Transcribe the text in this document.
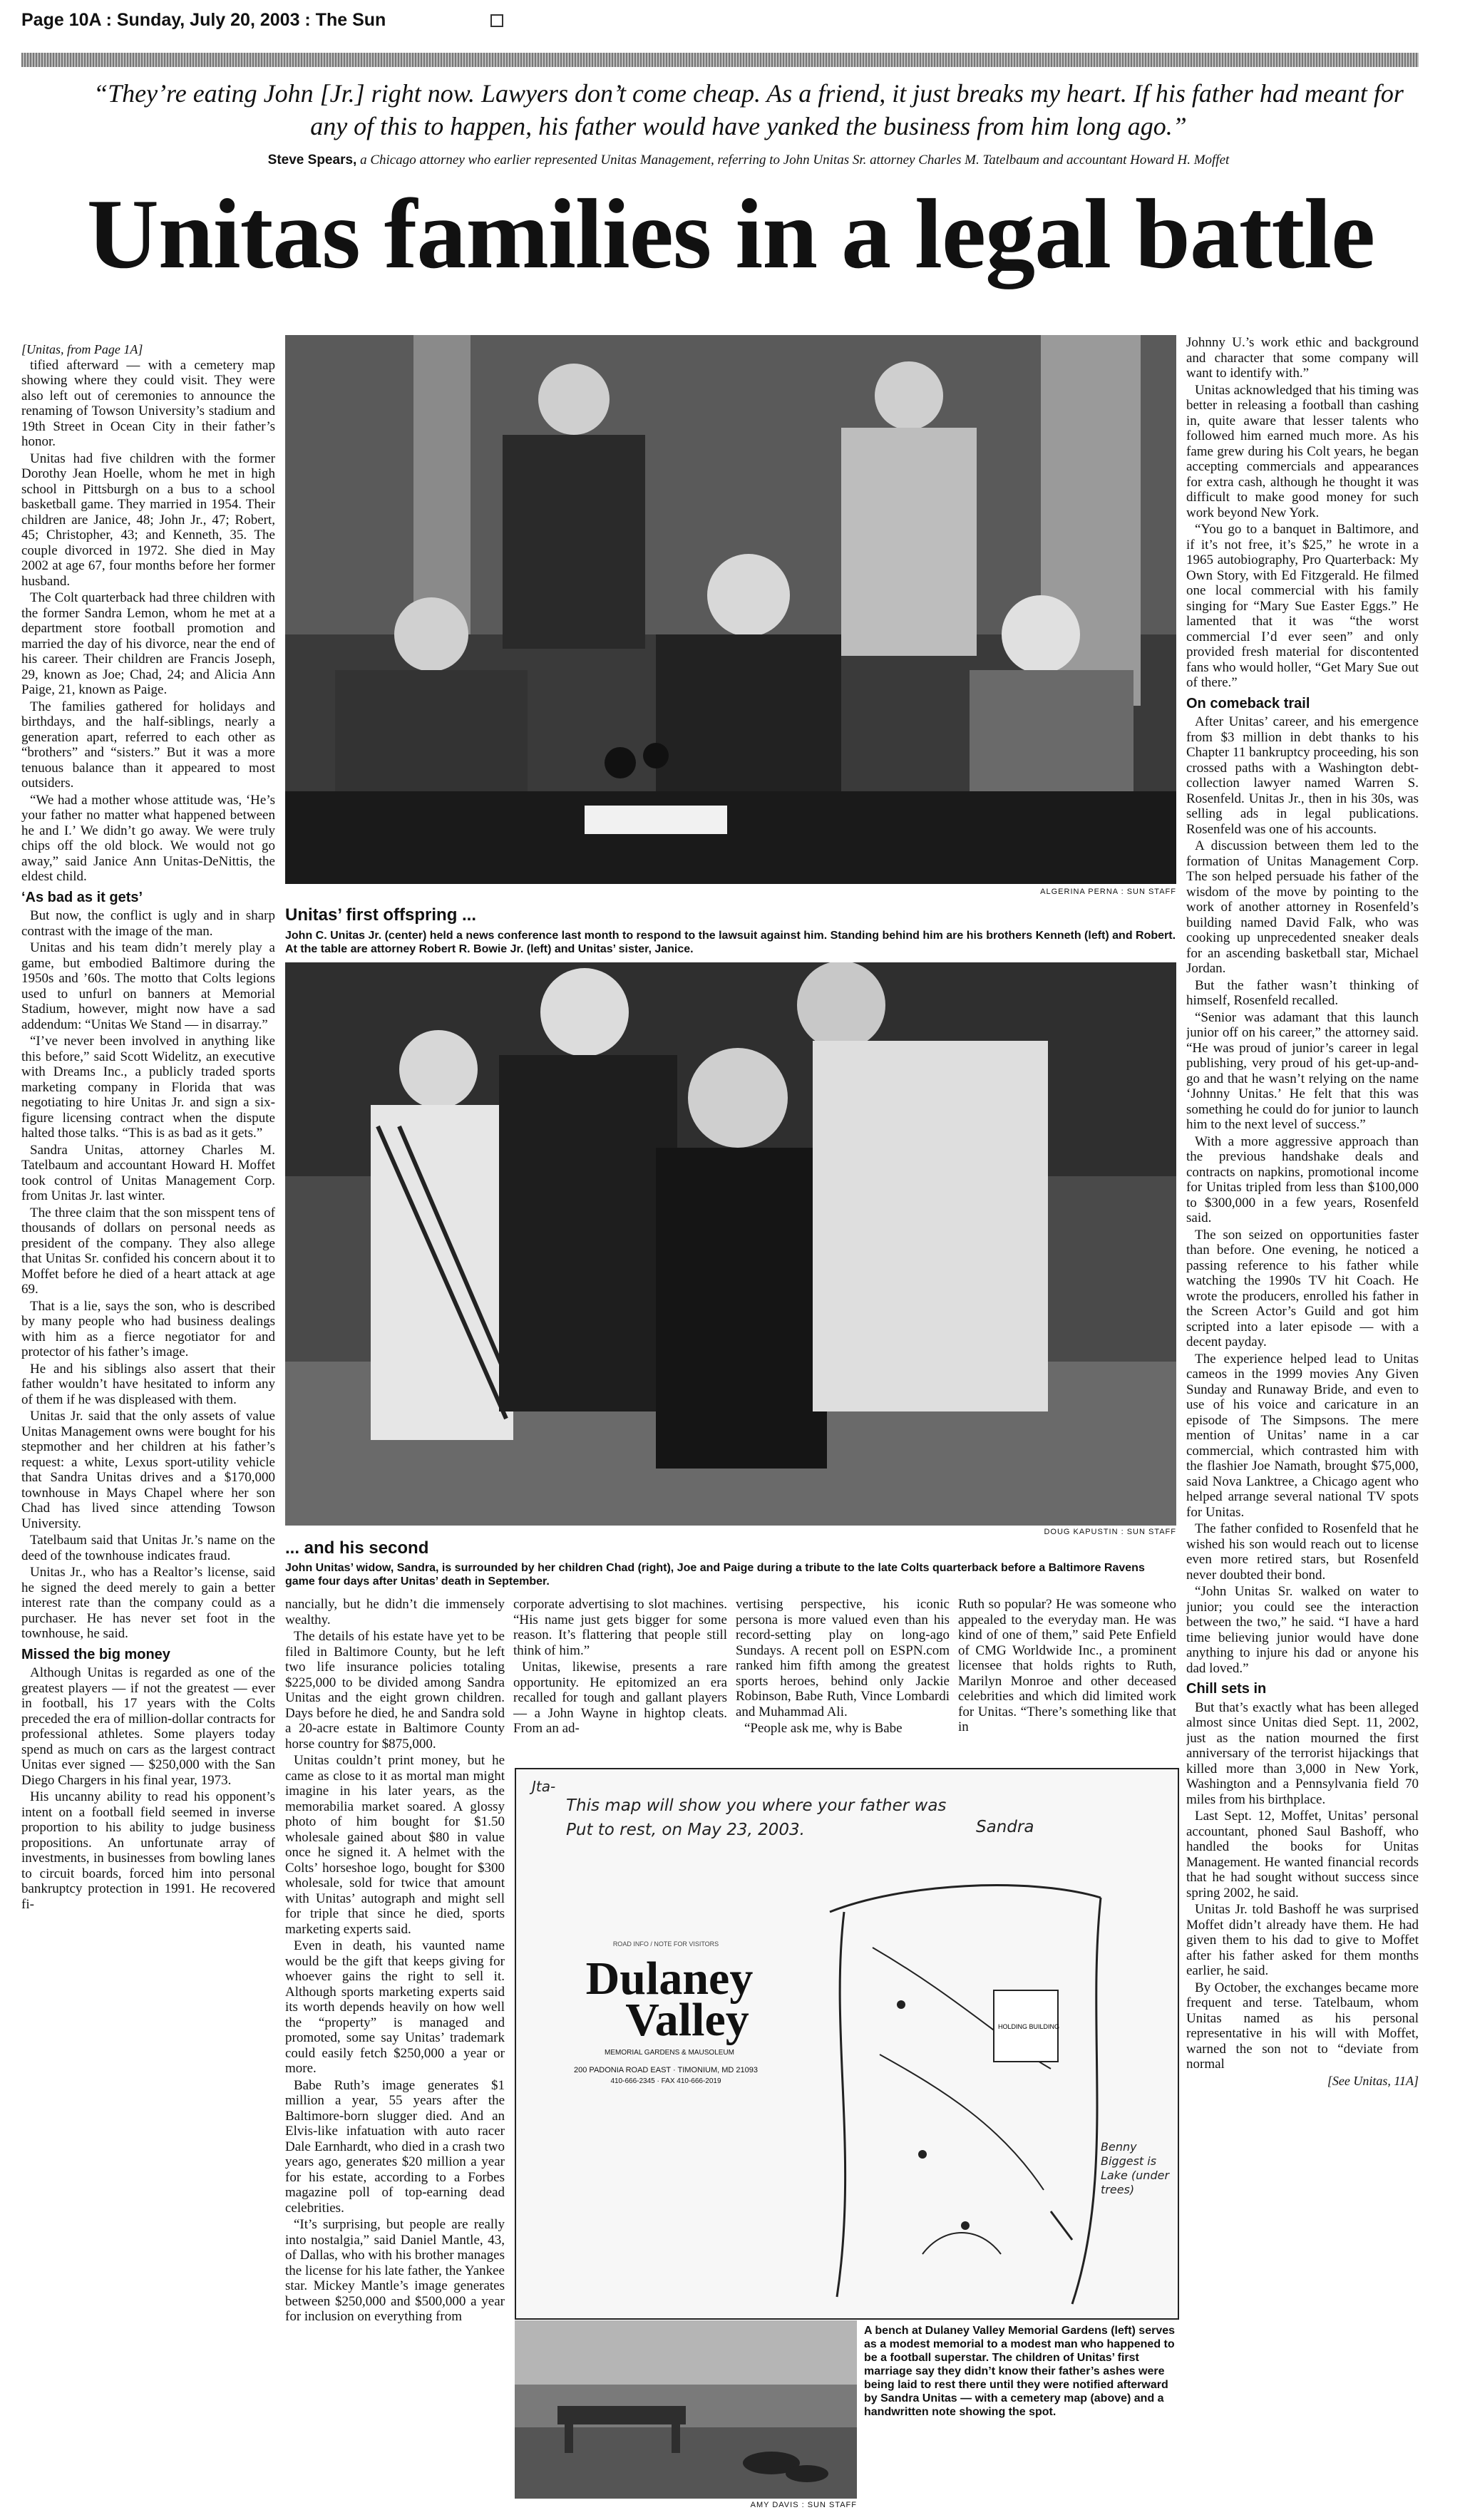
Page 10A : Sunday, July 20, 2003 : The Sun
“They’re eating John [Jr.] right now. Lawyers don’t come cheap. As a friend, it just breaks my heart. If his father had meant for any of this to happen, his father would have yanked the business from him long ago.”
Steve Spears, a Chicago attorney who earlier represented Unitas Management, referring to John Unitas Sr. attorney Charles M. Tatelbaum and accountant Howard H. Moffet
Unitas families in a legal battle
[Unitas, from Page 1A]

tified afterward — with a cemetery map showing where they could visit. They were also left out of ceremonies to announce the renaming of Towson University’s stadium and 19th Street in Ocean City in their father’s honor.

Unitas had five children with the former Dorothy Jean Hoelle, whom he met in high school in Pittsburgh on a bus to a school basketball game. They married in 1954. Their children are Janice, 48; John Jr., 47; Robert, 45; Christopher, 43; and Kenneth, 35. The couple divorced in 1972. She died in May 2002 at age 67, four months before her former husband.

The Colt quarterback had three children with the former Sandra Lemon, whom he met at a department store football promotion and married the day of his divorce, near the end of his career. Their children are Francis Joseph, 29, known as Joe; Chad, 24; and Alicia Ann Paige, 21, known as Paige.

The families gathered for holidays and birthdays, and the half-siblings, nearly a generation apart, referred to each other as “brothers” and “sisters.” But it was a more tenuous balance than it appeared to most outsiders.

“We had a mother whose attitude was, ‘He’s your father no matter what happened between he and I.’ We didn’t go away. We were truly chips off the old block. We would not go away,” said Janice Ann Unitas-DeNittis, the eldest child.

‘As bad as it gets’

But now, the conflict is ugly and in sharp contrast with the image of the man.

Unitas and his team didn’t merely play a game, but embodied Baltimore during the 1950s and ’60s. The motto that Colts legions used to unfurl on banners at Memorial Stadium, however, might now have a sad addendum: “Unitas We Stand — in disarray.”

“I’ve never been involved in anything like this before,” said Scott Widelitz, an executive with Dreams Inc., a publicly traded sports marketing company in Florida that was negotiating to hire Unitas Jr. and sign a six-figure licensing contract when the dispute halted those talks. “This is as bad as it gets.”

Sandra Unitas, attorney Charles M. Tatelbaum and accountant Howard H. Moffet took control of Unitas Management Corp. from Unitas Jr. last winter.

The three claim that the son misspent tens of thousands of dollars on personal needs as president of the company. They also allege that Unitas Sr. confided his concern about it to Moffet before he died of a heart attack at age 69.

That is a lie, says the son, who is described by many people who had business dealings with him as a fierce negotiator for and protector of his father’s image.

He and his siblings also assert that their father wouldn’t have hesitated to inform any of them if he was displeased with them.

Unitas Jr. said that the only assets of value Unitas Management owns were bought for his stepmother and her children at his father’s request: a white, Lexus sport-utility vehicle that Sandra Unitas drives and a $170,000 townhouse in Mays Chapel where her son Chad has lived since attending Towson University.

Tatelbaum said that Unitas Jr.’s name on the deed of the townhouse indicates fraud.

Unitas Jr., who has a Realtor’s license, said he signed the deed merely to gain a better interest rate than the company could as a purchaser. He has never set foot in the townhouse, he said.

Missed the big money

Although Unitas is regarded as one of the greatest players — if not the greatest — ever in football, his 17 years with the Colts preceded the era of million-dollar contracts for professional athletes. Some players today spend as much on cars as the largest contract Unitas ever signed — $250,000 with the San Diego Chargers in his final year, 1973.

His uncanny ability to read his opponent’s intent on a football field seemed in inverse proportion to his ability to judge business propositions. An unfortunate array of investments, in businesses from bowling lanes to circuit boards, forced him into personal bankruptcy protection in 1991. He recovered fi-

ALGERINA PERNA : SUN STAFF
Unitas’ first offspring ...
John C. Unitas Jr. (center) held a news conference last month to respond to the lawsuit against him. Standing behind him are his brothers Kenneth (left) and Robert. At the table are attorney Robert R. Bowie Jr. (left) and Unitas’ sister, Janice.
DOUG KAPUSTIN : SUN STAFF
... and his second
John Unitas’ widow, Sandra, is surrounded by her children Chad (right), Joe and Paige during a tribute to the late Colts quarterback before a Baltimore Ravens game four days after Unitas’ death in September.

nancially, but he didn’t die immensely wealthy.

The details of his estate have yet to be filed in Baltimore County, but he left two life insurance policies totaling $225,000 to be divided among Sandra Unitas and the eight grown children. Days before he died, he and Sandra sold a 20-acre estate in Baltimore County horse country for $875,000.

Unitas couldn’t print money, but he came as close to it as mortal man might imagine in his later years, as the memorabilia market soared. A glossy photo of him bought for $1.50 wholesale gained about $80 in value once he signed it. A helmet with the Colts’ horseshoe logo, bought for $300 wholesale, sold for twice that amount with Unitas’ autograph and might sell for triple that since he died, sports marketing experts said.

Even in death, his vaunted name would be the gift that keeps giving for whoever gains the right to sell it. Although sports marketing experts said its worth depends heavily on how well the “property” is managed and promoted, some say Unitas’ trademark could easily fetch $250,000 a year or more.

Babe Ruth’s image generates $1 million a year, 55 years after the Baltimore-born slugger died. And an Elvis-like infatuation with auto racer Dale Earnhardt, who died in a crash two years ago, generates $20 million a year for his estate, according to a Forbes magazine poll of top-earning dead celebrities.

“It’s surprising, but people are really into nostalgia,” said Daniel Mantle, 43, of Dallas, who with his brother manages the license for his late father, the Yankee star. Mickey Mantle’s image generates between $250,000 and $500,000 a year for inclusion on everything from

corporate advertising to slot machines. “His name just gets bigger for some reason. It’s flattering that people still think of him.”

Unitas, likewise, presents a rare opportunity. He epitomized an era recalled for tough and gallant players — a John Wayne in hightop cleats. From an ad-

vertising perspective, his iconic persona is more valued even than his record-setting play on long-ago Sundays. A recent poll on ESPN.com ranked him fifth among the greatest sports heroes, behind only Jackie Robinson, Babe Ruth, Vince Lombardi and Muhammad Ali.

“People ask me, why is Babe

Ruth so popular? He was someone who appealed to the everyday man. He was kind of one of them,” said Pete Enfield of CMG Worldwide Inc., a prominent licensee that holds rights to Ruth, Marilyn Monroe and other deceased celebrities and which did limited work for Unitas. “There’s something like that in

Jta-
This map will show you where your father was
Put to rest, on May 23, 2003.	Sandra
ROAD INFO / NOTE FOR VISITORS
Dulaney
Valley
MEMORIAL GARDENS & MAUSOLEUM
200 PADONIA ROAD EAST · TIMONIUM, MD 21093
410-666-2345 · FAX 410-666-2019
HOLDING BUILDING
Benny Biggest is Lake (under trees)
AMY DAVIS : SUN STAFF
A bench at Dulaney Valley Memorial Gardens (left) serves as a modest memorial to a modest man who happened to be a football superstar. The children of Unitas’ first marriage say they didn’t know their father’s ashes were being laid to rest there until they were notified afterward by Sandra Unitas — with a cemetery map (above) and a handwritten note showing the spot.

Johnny U.’s work ethic and background and character that some company will want to identify with.”

Unitas acknowledged that his timing was better in releasing a football than cashing in, quite aware that lesser talents who followed him earned much more. As his fame grew during his Colt years, he began accepting commercials and appearances for extra cash, although he thought it was difficult to make good money for such work beyond New York.

“You go to a banquet in Baltimore, and if it’s not free, it’s $25,” he wrote in a 1965 autobiography, Pro Quarterback: My Own Story, with Ed Fitzgerald. He filmed one local commercial with his family singing for “Mary Sue Easter Eggs.” He lamented that it was “the worst commercial I’d ever seen” and only provided fresh material for discontented fans who would holler, “Get Mary Sue out of there.”

On comeback trail

After Unitas’ career, and his emergence from $3 million in debt thanks to his Chapter 11 bankruptcy proceeding, his son crossed paths with a Washington debt-collection lawyer named Warren S. Rosenfeld. Unitas Jr., then in his 30s, was selling ads in legal publications. Rosenfeld was one of his accounts.

A discussion between them led to the formation of Unitas Management Corp. The son helped persuade his father of the wisdom of the move by pointing to the work of another attorney in Rosenfeld’s building named David Falk, who was cooking up unprecedented sneaker deals for an ascending basketball star, Michael Jordan.

But the father wasn’t thinking of himself, Rosenfeld recalled.

“Senior was adamant that this launch junior off on his career,” the attorney said. “He was proud of junior’s career in legal publishing, very proud of his get-up-and-go and that he wasn’t relying on the name ‘Johnny Unitas.’ He felt that this was something he could do for junior to launch him to the next level of success.”

With a more aggressive approach than the previous handshake deals and contracts on napkins, promotional income for Unitas tripled from less than $100,000 to $300,000 in a few years, Rosenfeld said.

The son seized on opportunities faster than before. One evening, he noticed a passing reference to his father while watching the 1990s TV hit Coach. He wrote the producers, enrolled his father in the Screen Actor’s Guild and got him scripted into a later episode — with a decent payday.

The experience helped lead to Unitas cameos in the 1999 movies Any Given Sunday and Runaway Bride, and even to use of his voice and caricature in an episode of The Simpsons. The mere mention of Unitas’ name in a car commercial, which contrasted him with the flashier Joe Namath, brought $75,000, said Nova Lanktree, a Chicago agent who helped arrange several national TV spots for Unitas.

The father confided to Rosenfeld that he wished his son would reach out to license even more retired stars, but Rosenfeld never doubted their bond.

“John Unitas Sr. walked on water to junior; you could see the interaction between the two,” he said. “I have a hard time believing junior would have done anything to injure his dad or anyone his dad loved.”

Chill sets in

But that’s exactly what has been alleged almost since Unitas died Sept. 11, 2002, just as the nation mourned the first anniversary of the terrorist hijackings that killed more than 3,000 in New York, Washington and a Pennsylvania field 70 miles from his birthplace.

Last Sept. 12, Moffet, Unitas’ personal accountant, phoned Saul Bashoff, who handled the books for Unitas Management. He wanted financial records that he had sought without success since spring 2002, he said.

Unitas Jr. told Bashoff he was surprised Moffet didn’t already have them. He had given them to his dad to give to Moffet after his father asked for them months earlier, he said.

By October, the exchanges became more frequent and terse. Tatelbaum, whom Unitas named as his personal representative in his will with Moffet, warned the son not to “deviate from normal

[See Unitas, 11A]
